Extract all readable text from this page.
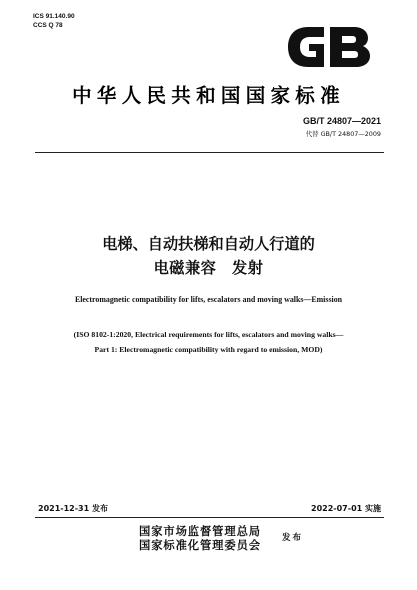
ICS 91.140.90
CCS Q 78
GB
中华人民共和国国家标准
GB/T 24807—2021
代替 GB/T 24807—2009
电梯、自动扶梯和自动人行道的
电磁兼容　发射
Electromagnetic compatibility for lifts, escalators and moving walks—Emission
(ISO 8102-1:2020, Electrical requirements for lifts, escalators and moving walks—
Part 1: Electromagnetic compatibility with regard to emission, MOD)
2021-12-31 发布	2022-07-01 实施
国家市场监督管理总局
国家标准化管理委员会
发布
